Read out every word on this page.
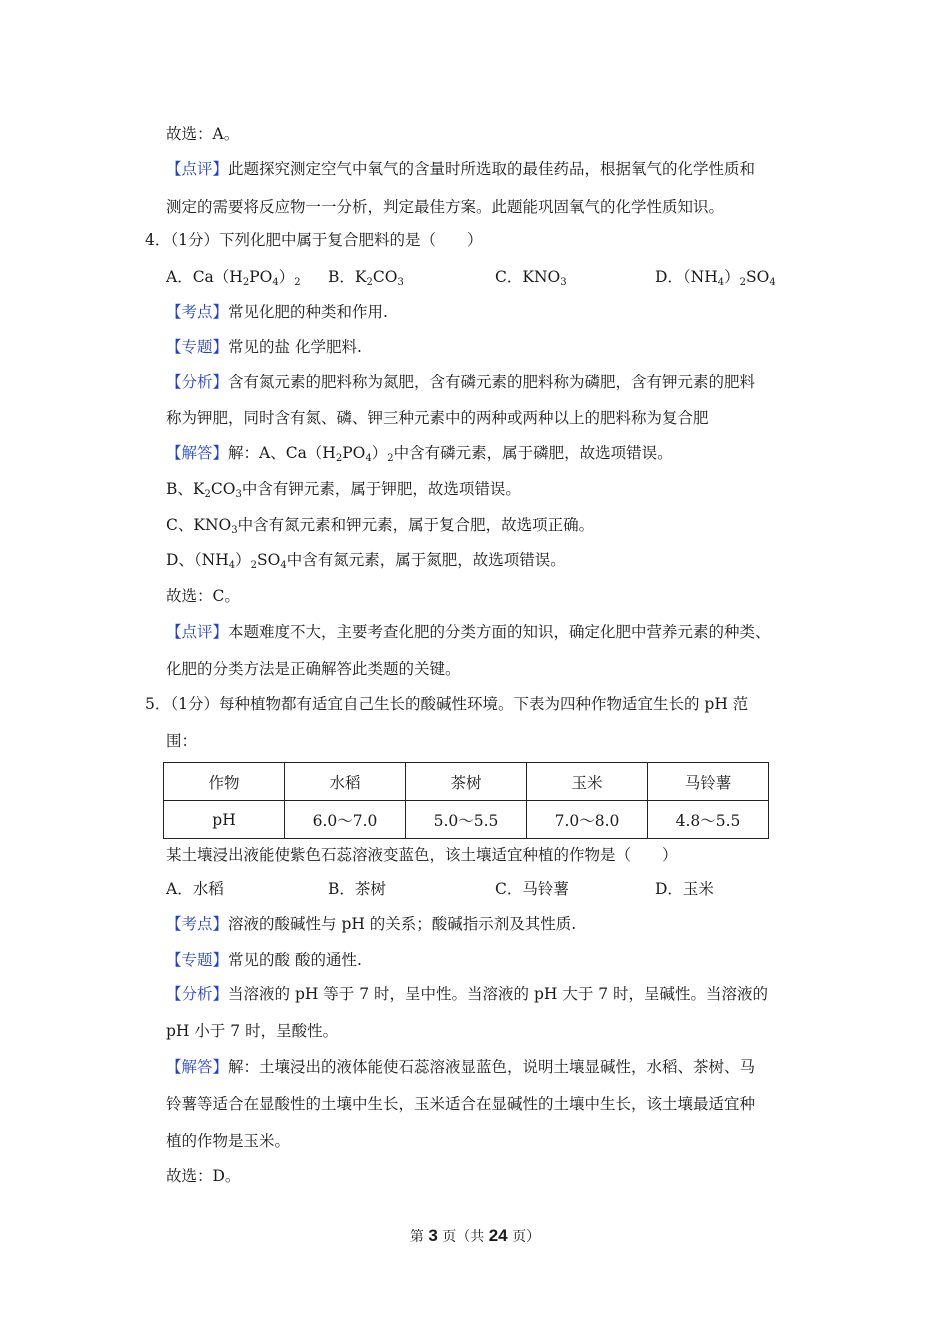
故选：A。
【点评】此题探究测定空气中氧气的含量时所选取的最佳药品，根据氧气的化学性质和
测定的需要将反应物一一分析，判定最佳方案。此题能巩固氧气的化学性质知识。
4．（1分）下列化肥中属于复合肥料的是（　　）
A．$Ca(H_2PO_4)_2$ B．$K_2CO_3$	C．$KNO_3$	D．$(NH_4)_2SO_4$
【考点】常见化肥的种类和作用.
【专题】常见的盐 化学肥料.
【分析】含有氮元素的肥料称为氮肥，含有磷元素的肥料称为磷肥，含有钾元素的肥料
称为钾肥，同时含有氮、磷、钾三种元素中的两种或两种以上的肥料称为复合肥
【解答】解：A、$Ca(H_2PO_4)_2$中含有磷元素，属于磷肥，故选项错误。
B、$K_2CO_3$中含有钾元素，属于钾肥，故选项错误。
C、$KNO_3$中含有氮元素和钾元素，属于复合肥，故选项正确。
D、$(NH_4)_2SO_4$中含有氮元素，属于氮肥，故选项错误。
故选：C。
【点评】本题难度不大，主要考查化肥的分类方面的知识，确定化肥中营养元素的种类、
化肥的分类方法是正确解答此类题的关键。
5．（1分）每种植物都有适宜自己生长的酸碱性环境。下表为四种作物适宜生长的 pH 范
围：
作物	水稻	茶树	玉米	马铃薯
pH	6.0～7.0	5.0～5.5	7.0～8.0	4.8～5.5
某土壤浸出液能使紫色石蕊溶液变蓝色，该土壤适宜种植的作物是（　　）
A．水稻	B．茶树	C．马铃薯	D．玉米
【考点】溶液的酸碱性与 pH 的关系；酸碱指示剂及其性质.
【专题】常见的酸 酸的通性.
【分析】当溶液的 pH 等于 7 时，呈中性。当溶液的 pH 大于 7 时，呈碱性。当溶液的
pH 小于 7 时，呈酸性。
【解答】解：土壤浸出的液体能使石蕊溶液显蓝色，说明土壤显碱性，水稻、茶树、马
铃薯等适合在显酸性的土壤中生长，玉米适合在显碱性的土壤中生长，该土壤最适宜种
植的作物是玉米。
故选：D。
第 3 页（共 24 页）
